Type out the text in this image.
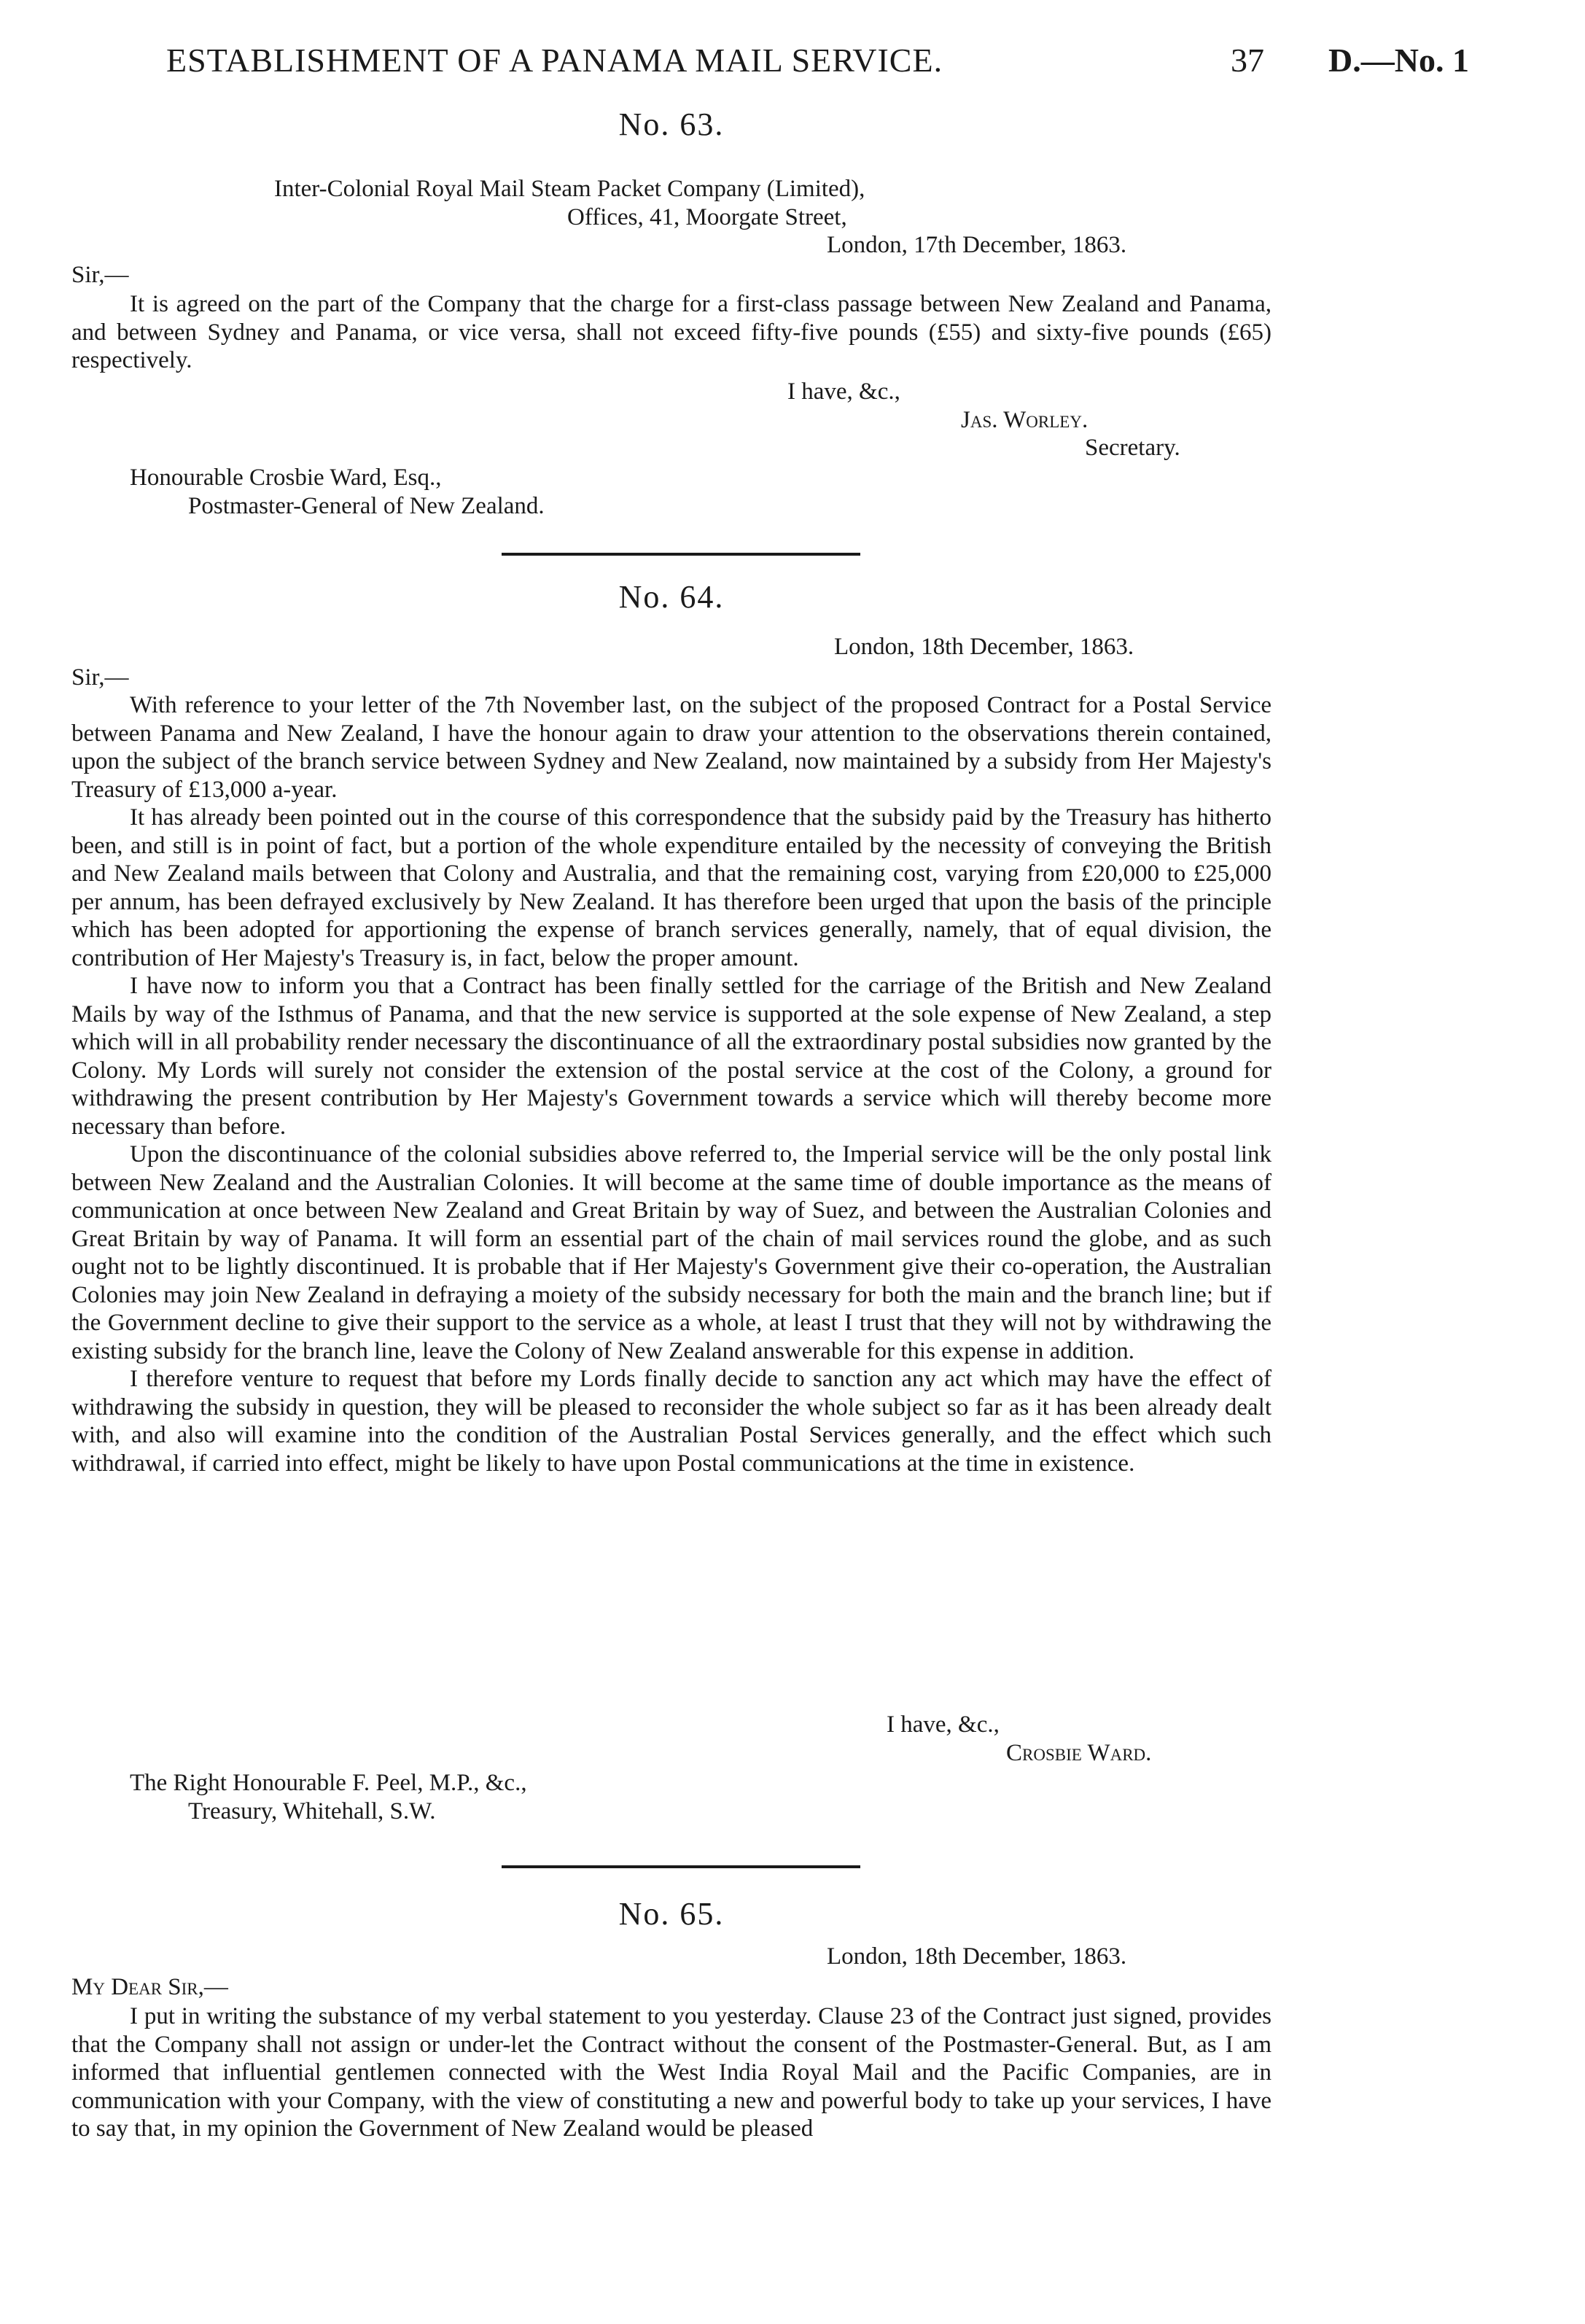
ESTABLISHMENT OF A PANAMA MAIL SERVICE.	37 D.—No. 1
No. 63.
Inter-Colonial Royal Mail Steam Packet Company (Limited),
Offices, 41, Moorgate Street,
London, 17th December, 1863.
Sir,—

It is agreed on the part of the Company that the charge for a first-class passage between New Zealand and Panama, and between Sydney and Panama, or vice versa, shall not exceed fifty-five pounds (£55) and sixty-five pounds (£65) respectively.

I have, &c.,
Jas. Worley.
Secretary.
Honourable Crosbie Ward, Esq.,
Postmaster-General of New Zealand.
No. 64.
London, 18th December, 1863.
Sir,—

With reference to your letter of the 7th November last, on the subject of the proposed Contract for a Postal Service between Panama and New Zealand, I have the honour again to draw your attention to the observations therein contained, upon the subject of the branch service between Sydney and New Zealand, now maintained by a subsidy from Her Majesty's Treasury of £13,000 a-year.

It has already been pointed out in the course of this correspondence that the subsidy paid by the Treasury has hitherto been, and still is in point of fact, but a portion of the whole expenditure entailed by the necessity of conveying the British and New Zealand mails between that Colony and Australia, and that the remaining cost, varying from £20,000 to £25,000 per annum, has been defrayed exclusively by New Zealand. It has therefore been urged that upon the basis of the principle which has been adopted for apportioning the expense of branch services generally, namely, that of equal division, the contribution of Her Majesty's Treasury is, in fact, below the proper amount.

I have now to inform you that a Contract has been finally settled for the carriage of the British and New Zealand Mails by way of the Isthmus of Panama, and that the new service is supported at the sole expense of New Zealand, a step which will in all probability render necessary the discontinuance of all the extraordinary postal subsidies now granted by the Colony. My Lords will surely not consider the extension of the postal service at the cost of the Colony, a ground for withdrawing the present contribution by Her Majesty's Government towards a service which will thereby become more necessary than before.

Upon the discontinuance of the colonial subsidies above referred to, the Imperial service will be the only postal link between New Zealand and the Australian Colonies. It will become at the same time of double importance as the means of communication at once between New Zealand and Great Britain by way of Suez, and between the Australian Colonies and Great Britain by way of Panama. It will form an essential part of the chain of mail services round the globe, and as such ought not to be lightly discontinued. It is probable that if Her Majesty's Government give their co-operation, the Australian Colonies may join New Zealand in defraying a moiety of the subsidy necessary for both the main and the branch line; but if the Government decline to give their support to the service as a whole, at least I trust that they will not by withdrawing the existing subsidy for the branch line, leave the Colony of New Zealand answerable for this expense in addition.

I therefore venture to request that before my Lords finally decide to sanction any act which may have the effect of withdrawing the subsidy in question, they will be pleased to reconsider the whole subject so far as it has been already dealt with, and also will examine into the condition of the Australian Postal Services generally, and the effect which such withdrawal, if carried into effect, might be likely to have upon Postal communications at the time in existence.

I have, &c.,
Crosbie Ward.
The Right Honourable F. Peel, M.P., &c.,
Treasury, Whitehall, S.W.
No. 65.
London, 18th December, 1863.
My Dear Sir,—

I put in writing the substance of my verbal statement to you yesterday. Clause 23 of the Contract just signed, provides that the Company shall not assign or under-let the Contract without the consent of the Postmaster-General. But, as I am informed that influential gentlemen connected with the West India Royal Mail and the Pacific Companies, are in communication with your Company, with the view of constituting a new and powerful body to take up your services, I have to say that, in my opinion the Government of New Zealand would be pleased
